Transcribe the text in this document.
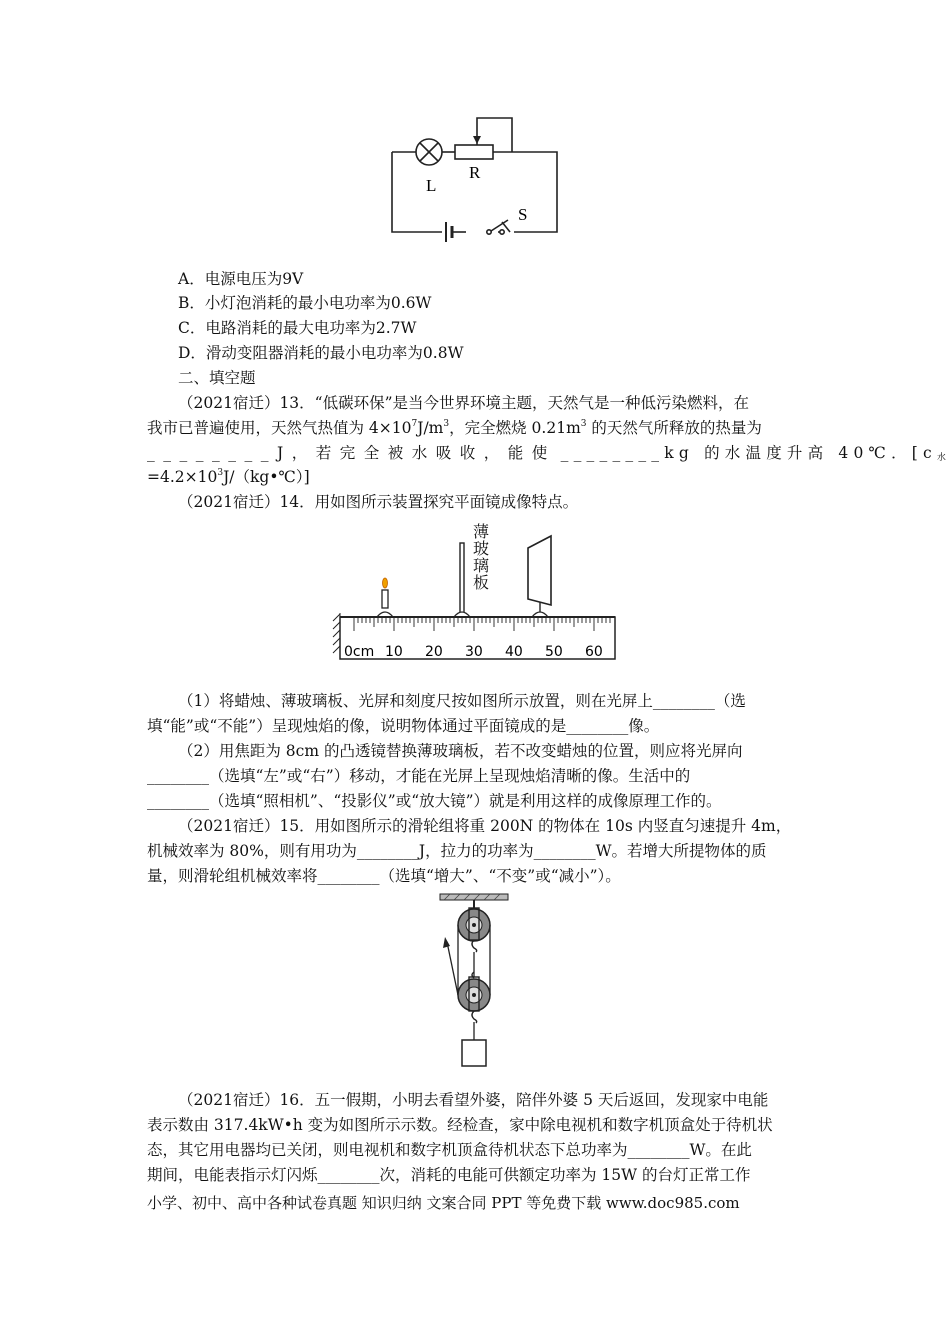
L
R
S
A．电源电压为9V
B．小灯泡消耗的最小电功率为0.6W
C．电路消耗的最大电功率为2.7W
D．滑动变阻器消耗的最小电功率为0.8W
二、填空题
（2021宿迁）13．“低碳环保”是当今世界环境主题，天然气是一种低污染燃料，在
我市已普遍使用，天然气热值为 $4\times 10^7J/m^3$，完全燃烧 $0.21m^3$ 的天然气所释放的热量为
________J，若完全被水吸收，能使 ________kg 的水温度升高 40℃．[$c_水$
$=4.2\times 10^3J/(kg•℃)$]
（2021宿迁）14．用如图所示装置探究平面镜成像特点。
薄玻璃板
0cm 10 20 30 40 50 60
（1）将蜡烛、薄玻璃板、光屏和刻度尺按如图所示放置，则在光屏上________（选
填“能”或“不能”）呈现烛焰的像，说明物体通过平面镜成的是________像。
（2）用焦距为 8cm 的凸透镜替换薄玻璃板，若不改变蜡烛的位置，则应将光屏向
________（选填“左”或“右”）移动，才能在光屏上呈现烛焰清晰的像。生活中的
________（选填“照相机”、“投影仪”或“放大镜”）就是利用这样的成像原理工作的。
（2021宿迁）15．用如图所示的滑轮组将重 200N 的物体在 10s 内竖直匀速提升 4m，
机械效率为 80%，则有用功为________J，拉力的功率为________W。若增大所提物体的质
量，则滑轮组机械效率将________（选填“增大”、“不变”或“减小”）。
（2021宿迁）16．五一假期，小明去看望外婆，陪伴外婆 5 天后返回，发现家中电能
表示数由 317.4kW•h 变为如图所示示数。经检查，家中除电视机和数字机顶盒处于待机状
态，其它用电器均已关闭，则电视机和数字机顶盒待机状态下总功率为________W。在此
期间，电能表指示灯闪烁________次，消耗的电能可供额定功率为 15W 的台灯正常工作
小学、初中、高中各种试卷真题 知识归纳 文案合同 PPT 等免费下载 www.doc985.com
